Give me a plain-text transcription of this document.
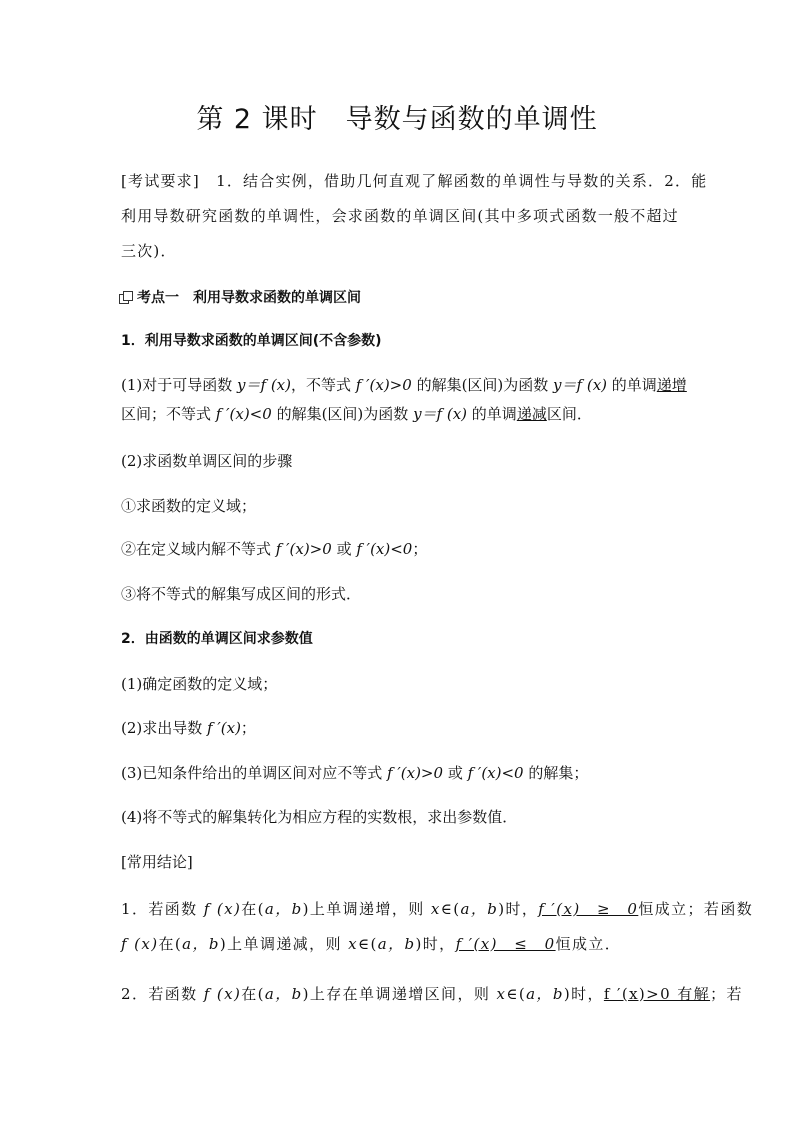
第 2 课时　导数与函数的单调性
[考试要求]　1．结合实例，借助几何直观了解函数的单调性与导数的关系．2．能
利用导数研究函数的单调性，会求函数的单调区间(其中多项式函数一般不超过
三次)．
考点一　利用导数求函数的单调区间
1．利用导数求函数的单调区间(不含参数)
(1)对于可导函数 y＝f (x)，不等式 f ′(x)>0 的解集(区间)为函数 y＝f (x) 的单调递增
区间；不等式 f ′(x)<0 的解集(区间)为函数 y＝f (x) 的单调递减区间．
(2)求函数单调区间的步骤
①求函数的定义域；
②在定义域内解不等式 f ′(x)>0 或 f ′(x)<0；
③将不等式的解集写成区间的形式．
2．由函数的单调区间求参数值
(1)确定函数的定义域；
(2)求出导数 f ′(x)；
(3)已知条件给出的单调区间对应不等式 f ′(x)>0 或 f ′(x)<0 的解集；
(4)将不等式的解集转化为相应方程的实数根，求出参数值．
[常用结论]
1．若函数 f (x)在(a，b)上单调递增，则 x∈(a，b)时，f ′(x)　≥　0恒成立；若函数
f (x)在(a，b)上单调递减，则 x∈(a，b)时，f ′(x)　≤　0恒成立．
2．若函数 f (x)在(a，b)上存在单调递增区间，则 x∈(a，b)时，f ′(x)>0 有解；若
